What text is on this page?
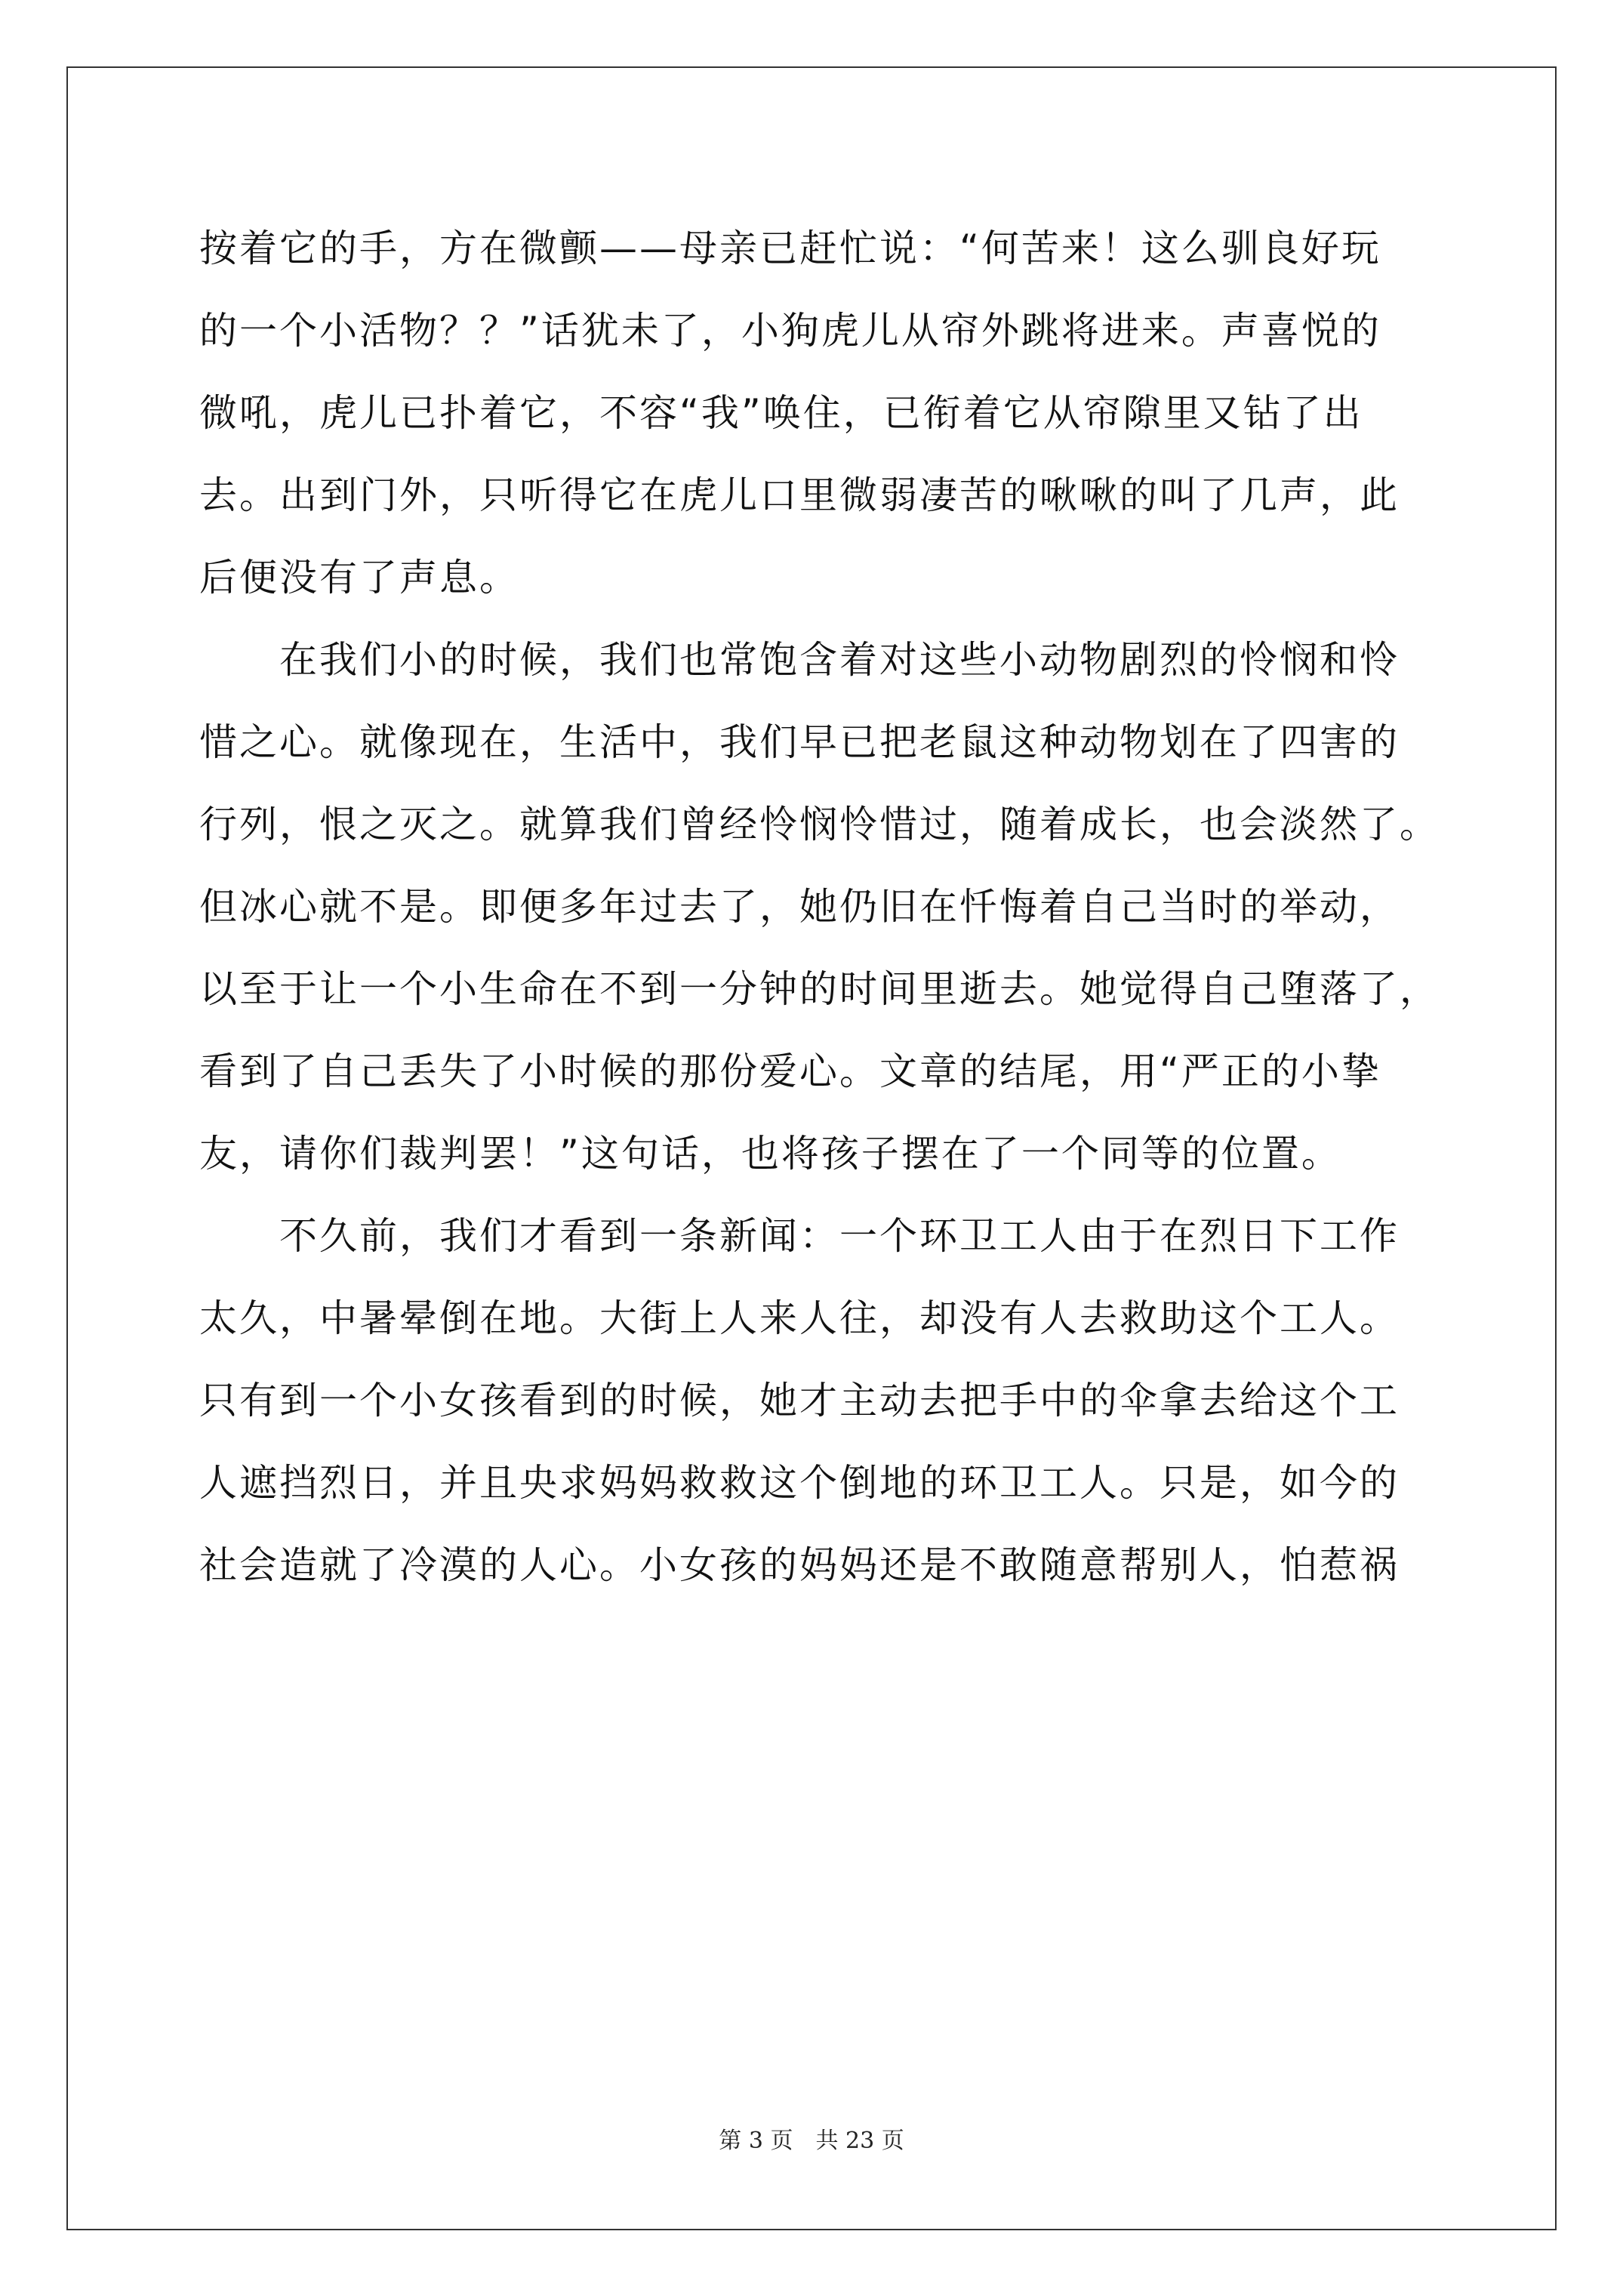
按着它的手，方在微颤——母亲已赶忙说：“何苦来！这么驯良好玩
的一个小活物？？”话犹未了，小狗虎儿从帘外跳将进来。声喜悦的
微吼，虎儿已扑着它，不容“我”唤住，已衔着它从帘隙里又钻了出
去。出到门外，只听得它在虎儿口里微弱凄苦的啾啾的叫了几声，此
后便没有了声息。
　　在我们小的时候，我们也常饱含着对这些小动物剧烈的怜悯和怜
惜之心。就像现在，生活中，我们早已把老鼠这种动物划在了四害的
行列，恨之灭之。就算我们曾经怜悯怜惜过，随着成长，也会淡然了。
但冰心就不是。即便多年过去了，她仍旧在忏悔着自己当时的举动，
以至于让一个小生命在不到一分钟的时间里逝去。她觉得自己堕落了，
看到了自己丢失了小时候的那份爱心。文章的结尾，用“严正的小挚
友，请你们裁判罢！”这句话，也将孩子摆在了一个同等的位置。
　　不久前，我们才看到一条新闻：一个环卫工人由于在烈日下工作
太久，中暑晕倒在地。大街上人来人往，却没有人去救助这个工人。
只有到一个小女孩看到的时候，她才主动去把手中的伞拿去给这个工
人遮挡烈日，并且央求妈妈救救这个倒地的环卫工人。只是，如今的
社会造就了冷漠的人心。小女孩的妈妈还是不敢随意帮别人，怕惹祸
第 3 页　共 23 页
